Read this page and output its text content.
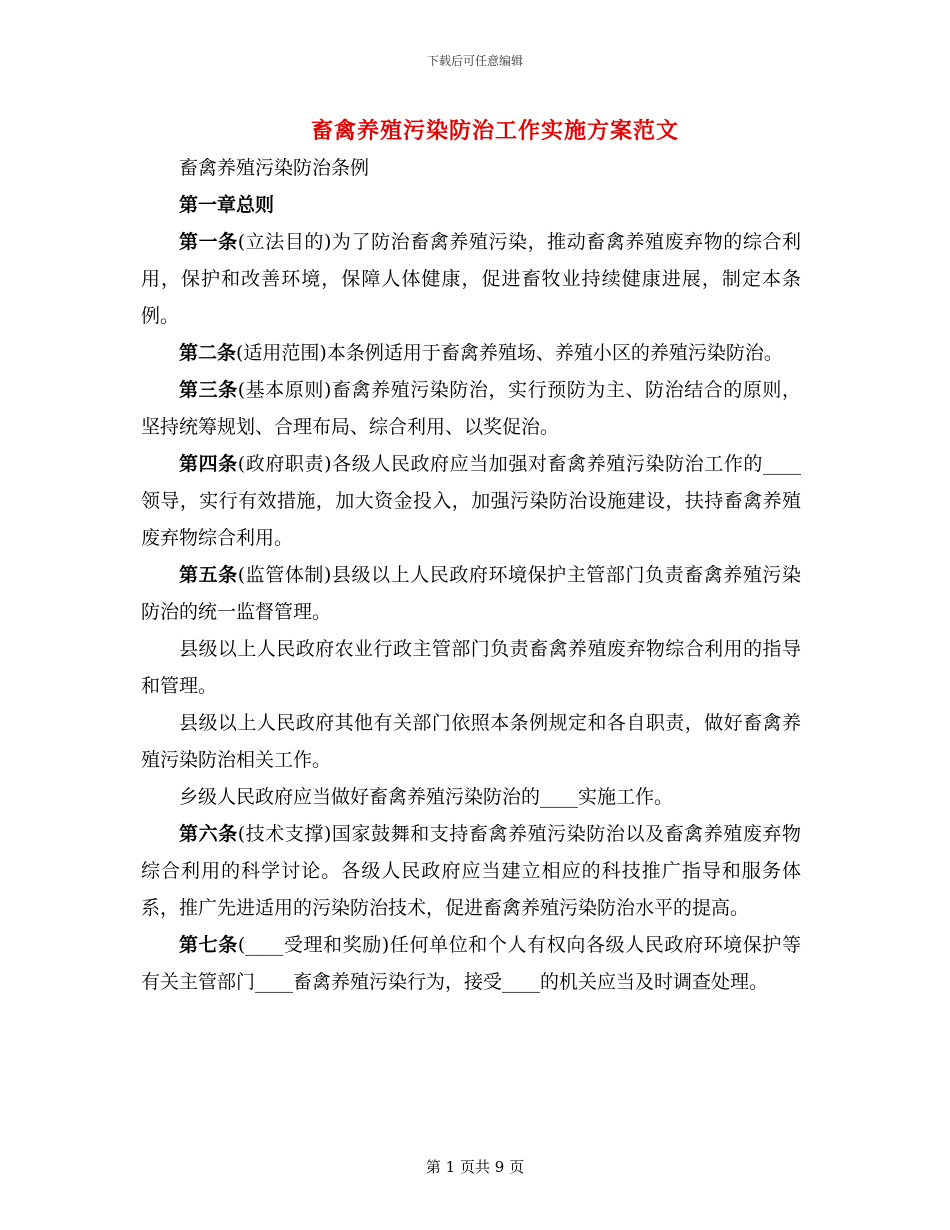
下载后可任意编辑
畜禽养殖污染防治工作实施方案范文

畜禽养殖污染防治条例

第一章总则

第一条(立法目的)为了防治畜禽养殖污染，推动畜禽养殖废弃物的综合利用，保护和改善环境，保障人体健康，促进畜牧业持续健康进展，制定本条例。

第二条(适用范围)本条例适用于畜禽养殖场、养殖小区的养殖污染防治。

第三条(基本原则)畜禽养殖污染防治，实行预防为主、防治结合的原则，坚持统筹规划、合理布局、综合利用、以奖促治。

第四条(政府职责)各级人民政府应当加强对畜禽养殖污染防治工作的____领导，实行有效措施，加大资金投入，加强污染防治设施建设，扶持畜禽养殖废弃物综合利用。

第五条(监管体制)县级以上人民政府环境保护主管部门负责畜禽养殖污染防治的统一监督管理。

县级以上人民政府农业行政主管部门负责畜禽养殖废弃物综合利用的指导和管理。

县级以上人民政府其他有关部门依照本条例规定和各自职责，做好畜禽养殖污染防治相关工作。

乡级人民政府应当做好畜禽养殖污染防治的____实施工作。

第六条(技术支撑)国家鼓舞和支持畜禽养殖污染防治以及畜禽养殖废弃物综合利用的科学讨论。各级人民政府应当建立相应的科技推广指导和服务体系，推广先进适用的污染防治技术，促进畜禽养殖污染防治水平的提高。

第七条(____受理和奖励)任何单位和个人有权向各级人民政府环境保护等有关主管部门____畜禽养殖污染行为，接受____的机关应当及时调查处理。

第 1 页共 9 页
